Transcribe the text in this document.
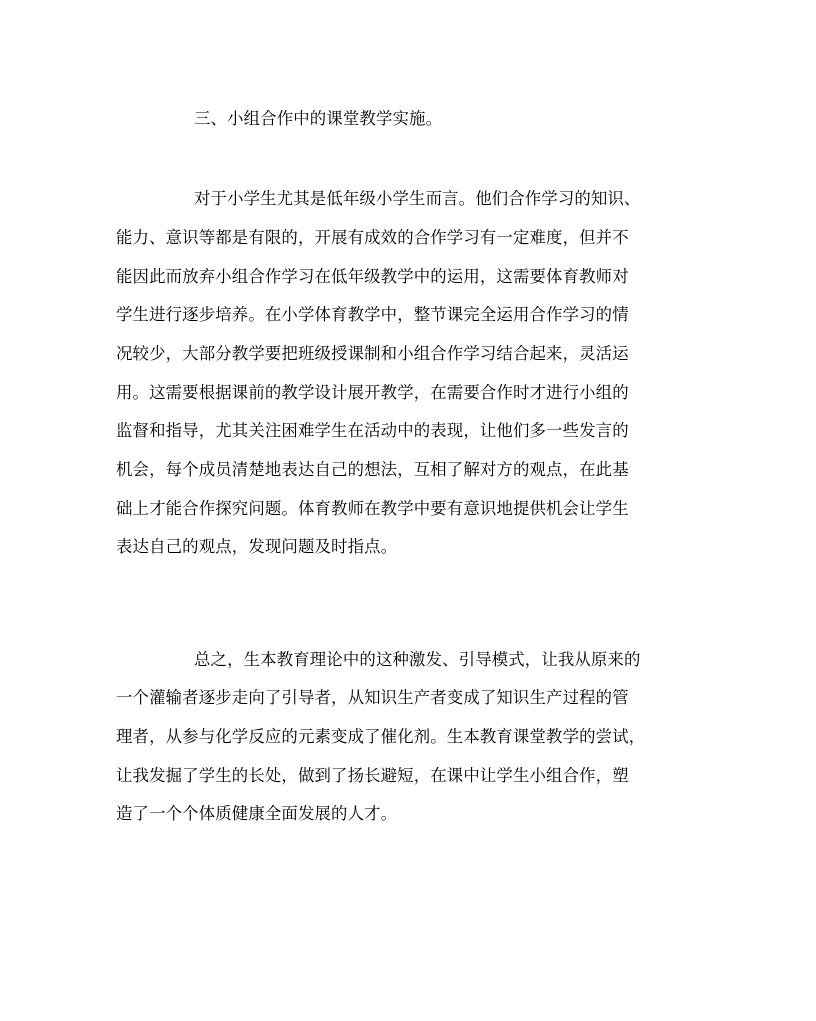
三、小组合作中的课堂教学实施。
对于小学生尤其是低年级小学生而言。他们合作学习的知识、
能力、意识等都是有限的，开展有成效的合作学习有一定难度，但并不
能因此而放弃小组合作学习在低年级教学中的运用，这需要体育教师对
学生进行逐步培养。在小学体育教学中，整节课完全运用合作学习的情
况较少，大部分教学要把班级授课制和小组合作学习结合起来，灵活运
用。这需要根据课前的教学设计展开教学，在需要合作时才进行小组的
监督和指导，尤其关注困难学生在活动中的表现，让他们多一些发言的
机会，每个成员清楚地表达自己的想法，互相了解对方的观点，在此基
础上才能合作探究问题。体育教师在教学中要有意识地提供机会让学生
表达自己的观点，发现问题及时指点。
总之，生本教育理论中的这种激发、引导模式，让我从原来的
一个灌输者逐步走向了引导者，从知识生产者变成了知识生产过程的管
理者，从参与化学反应的元素变成了催化剂。生本教育课堂教学的尝试，
让我发掘了学生的长处，做到了扬长避短，在课中让学生小组合作，塑
造了一个个体质健康全面发展的人才。
